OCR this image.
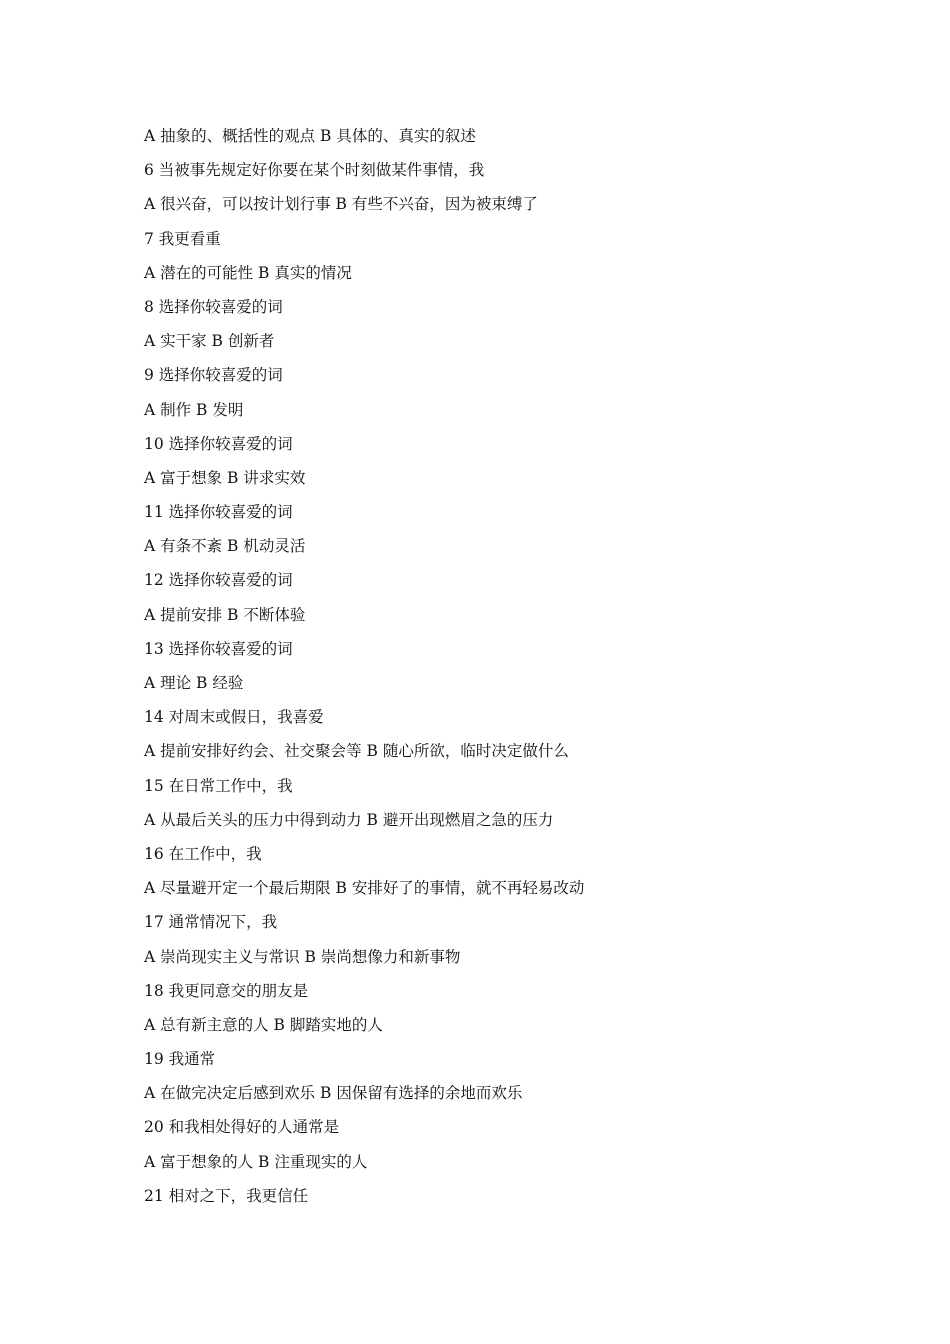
A 抽象的、概括性的观点 B 具体的、真实的叙述
6 当被事先规定好你要在某个时刻做某件事情，我
A 很兴奋，可以按计划行事 B 有些不兴奋，因为被束缚了
7 我更看重
A 潜在的可能性 B 真实的情况
8 选择你较喜爱的词
A 实干家 B 创新者
9 选择你较喜爱的词
A 制作 B 发明
10 选择你较喜爱的词
A 富于想象 B 讲求实效
11 选择你较喜爱的词
A 有条不紊 B 机动灵活
12 选择你较喜爱的词
A 提前安排 B 不断体验
13 选择你较喜爱的词
A 理论 B 经验
14 对周末或假日，我喜爱
A 提前安排好约会、社交聚会等 B 随心所欲，临时决定做什么
15 在日常工作中，我
A 从最后关头的压力中得到动力 B 避开出现燃眉之急的压力
16 在工作中，我
A 尽量避开定一个最后期限 B 安排好了的事情，就不再轻易改动
17 通常情况下，我
A 崇尚现实主义与常识 B 崇尚想像力和新事物
18 我更同意交的朋友是
A 总有新主意的人 B 脚踏实地的人
19 我通常
A 在做完决定后感到欢乐 B 因保留有选择的余地而欢乐
20 和我相处得好的人通常是
A 富于想象的人 B 注重现实的人
21 相对之下，我更信任
